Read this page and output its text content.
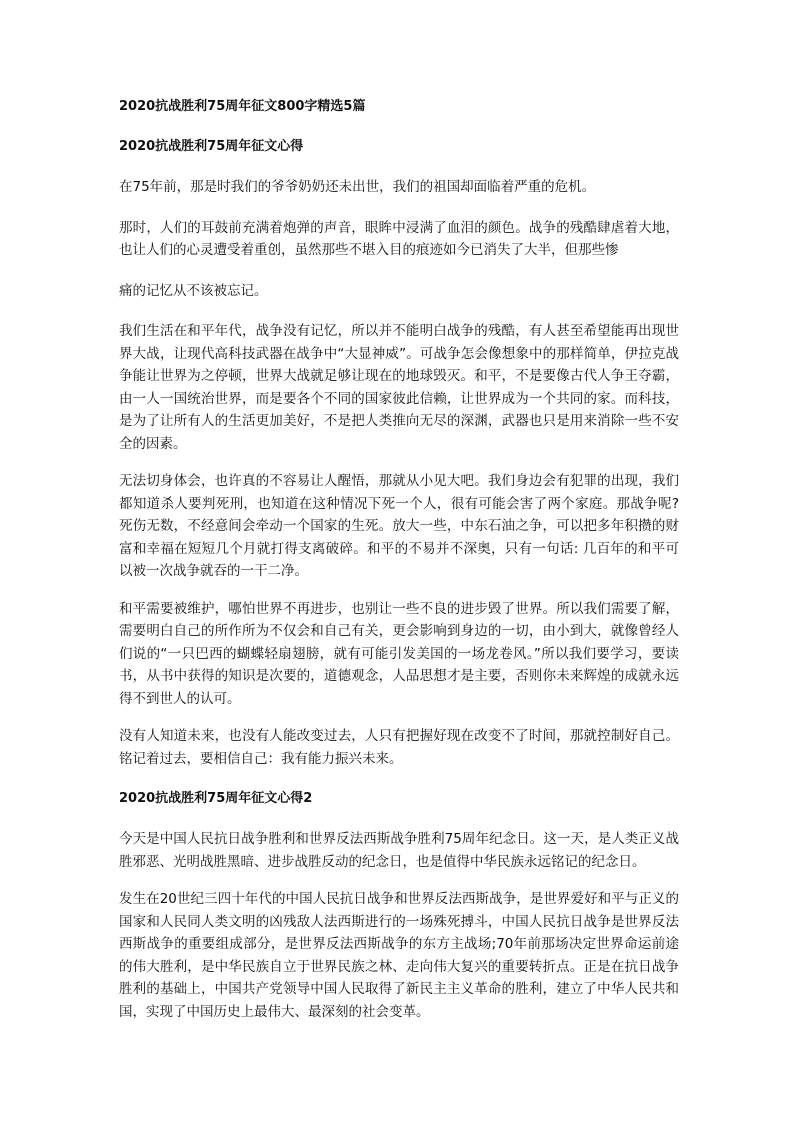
2020抗战胜利75周年征文800字精选5篇
2020抗战胜利75周年征文心得

在75年前，那是时我们的爷爷奶奶还未出世，我们的祖国却面临着严重的危机。

那时，人们的耳鼓前充满着炮弹的声音，眼眸中浸满了血泪的颜色。战争的残酷肆虐着大地，也让人们的心灵遭受着重创，虽然那些不堪入目的痕迹如今已消失了大半，但那些惨

痛的记忆从不该被忘记。

我们生活在和平年代，战争没有记忆，所以并不能明白战争的残酷，有人甚至希望能再出现世界大战，让现代高科技武器在战争中“大显神威”。可战争怎会像想象中的那样简单，伊拉克战争能让世界为之停顿，世界大战就足够让现在的地球毁灭。和平，不是要像古代人争王夺霸，由一人一国统治世界，而是要各个不同的国家彼此信赖，让世界成为一个共同的家。而科技，是为了让所有人的生活更加美好，不是把人类推向无尽的深渊，武器也只是用来消除一些不安全的因素。

无法切身体会，也许真的不容易让人醒悟，那就从小见大吧。我们身边会有犯罪的出现，我们都知道杀人要判死刑，也知道在这种情况下死一个人，很有可能会害了两个家庭。那战争呢?死伤无数，不经意间会牵动一个国家的生死。放大一些，中东石油之争，可以把多年积攒的财富和幸福在短短几个月就打得支离破碎。和平的不易并不深奥，只有一句话: 几百年的和平可以被一次战争就吞的一干二净。

和平需要被维护，哪怕世界不再进步，也别让一些不良的进步毁了世界。所以我们需要了解，需要明白自己的所作所为不仅会和自己有关，更会影响到身边的一切，由小到大，就像曾经人们说的“一只巴西的蝴蝶轻扇翅膀，就有可能引发美国的一场龙卷风。”所以我们要学习，要读书，从书中获得的知识是次要的，道德观念，人品思想才是主要，否则你未来辉煌的成就永远得不到世人的认可。

没有人知道未来，也没有人能改变过去，人只有把握好现在改变不了时间，那就控制好自己。铭记着过去，要相信自己：我有能力振兴未来。

2020抗战胜利75周年征文心得2

今天是中国人民抗日战争胜利和世界反法西斯战争胜利75周年纪念日。这一天，是人类正义战胜邪恶、光明战胜黑暗、进步战胜反动的纪念日，也是值得中华民族永远铭记的纪念日。

发生在20世纪三四十年代的中国人民抗日战争和世界反法西斯战争，是世界爱好和平与正义的国家和人民同人类文明的凶残敌人法西斯进行的一场殊死搏斗，中国人民抗日战争是世界反法西斯战争的重要组成部分，是世界反法西斯战争的东方主战场;70年前那场决定世界命运前途的伟大胜利，是中华民族自立于世界民族之林、走向伟大复兴的重要转折点。正是在抗日战争胜利的基础上，中国共产党领导中国人民取得了新民主主义革命的胜利，建立了中华人民共和国，实现了中国历史上最伟大、最深刻的社会变革。
